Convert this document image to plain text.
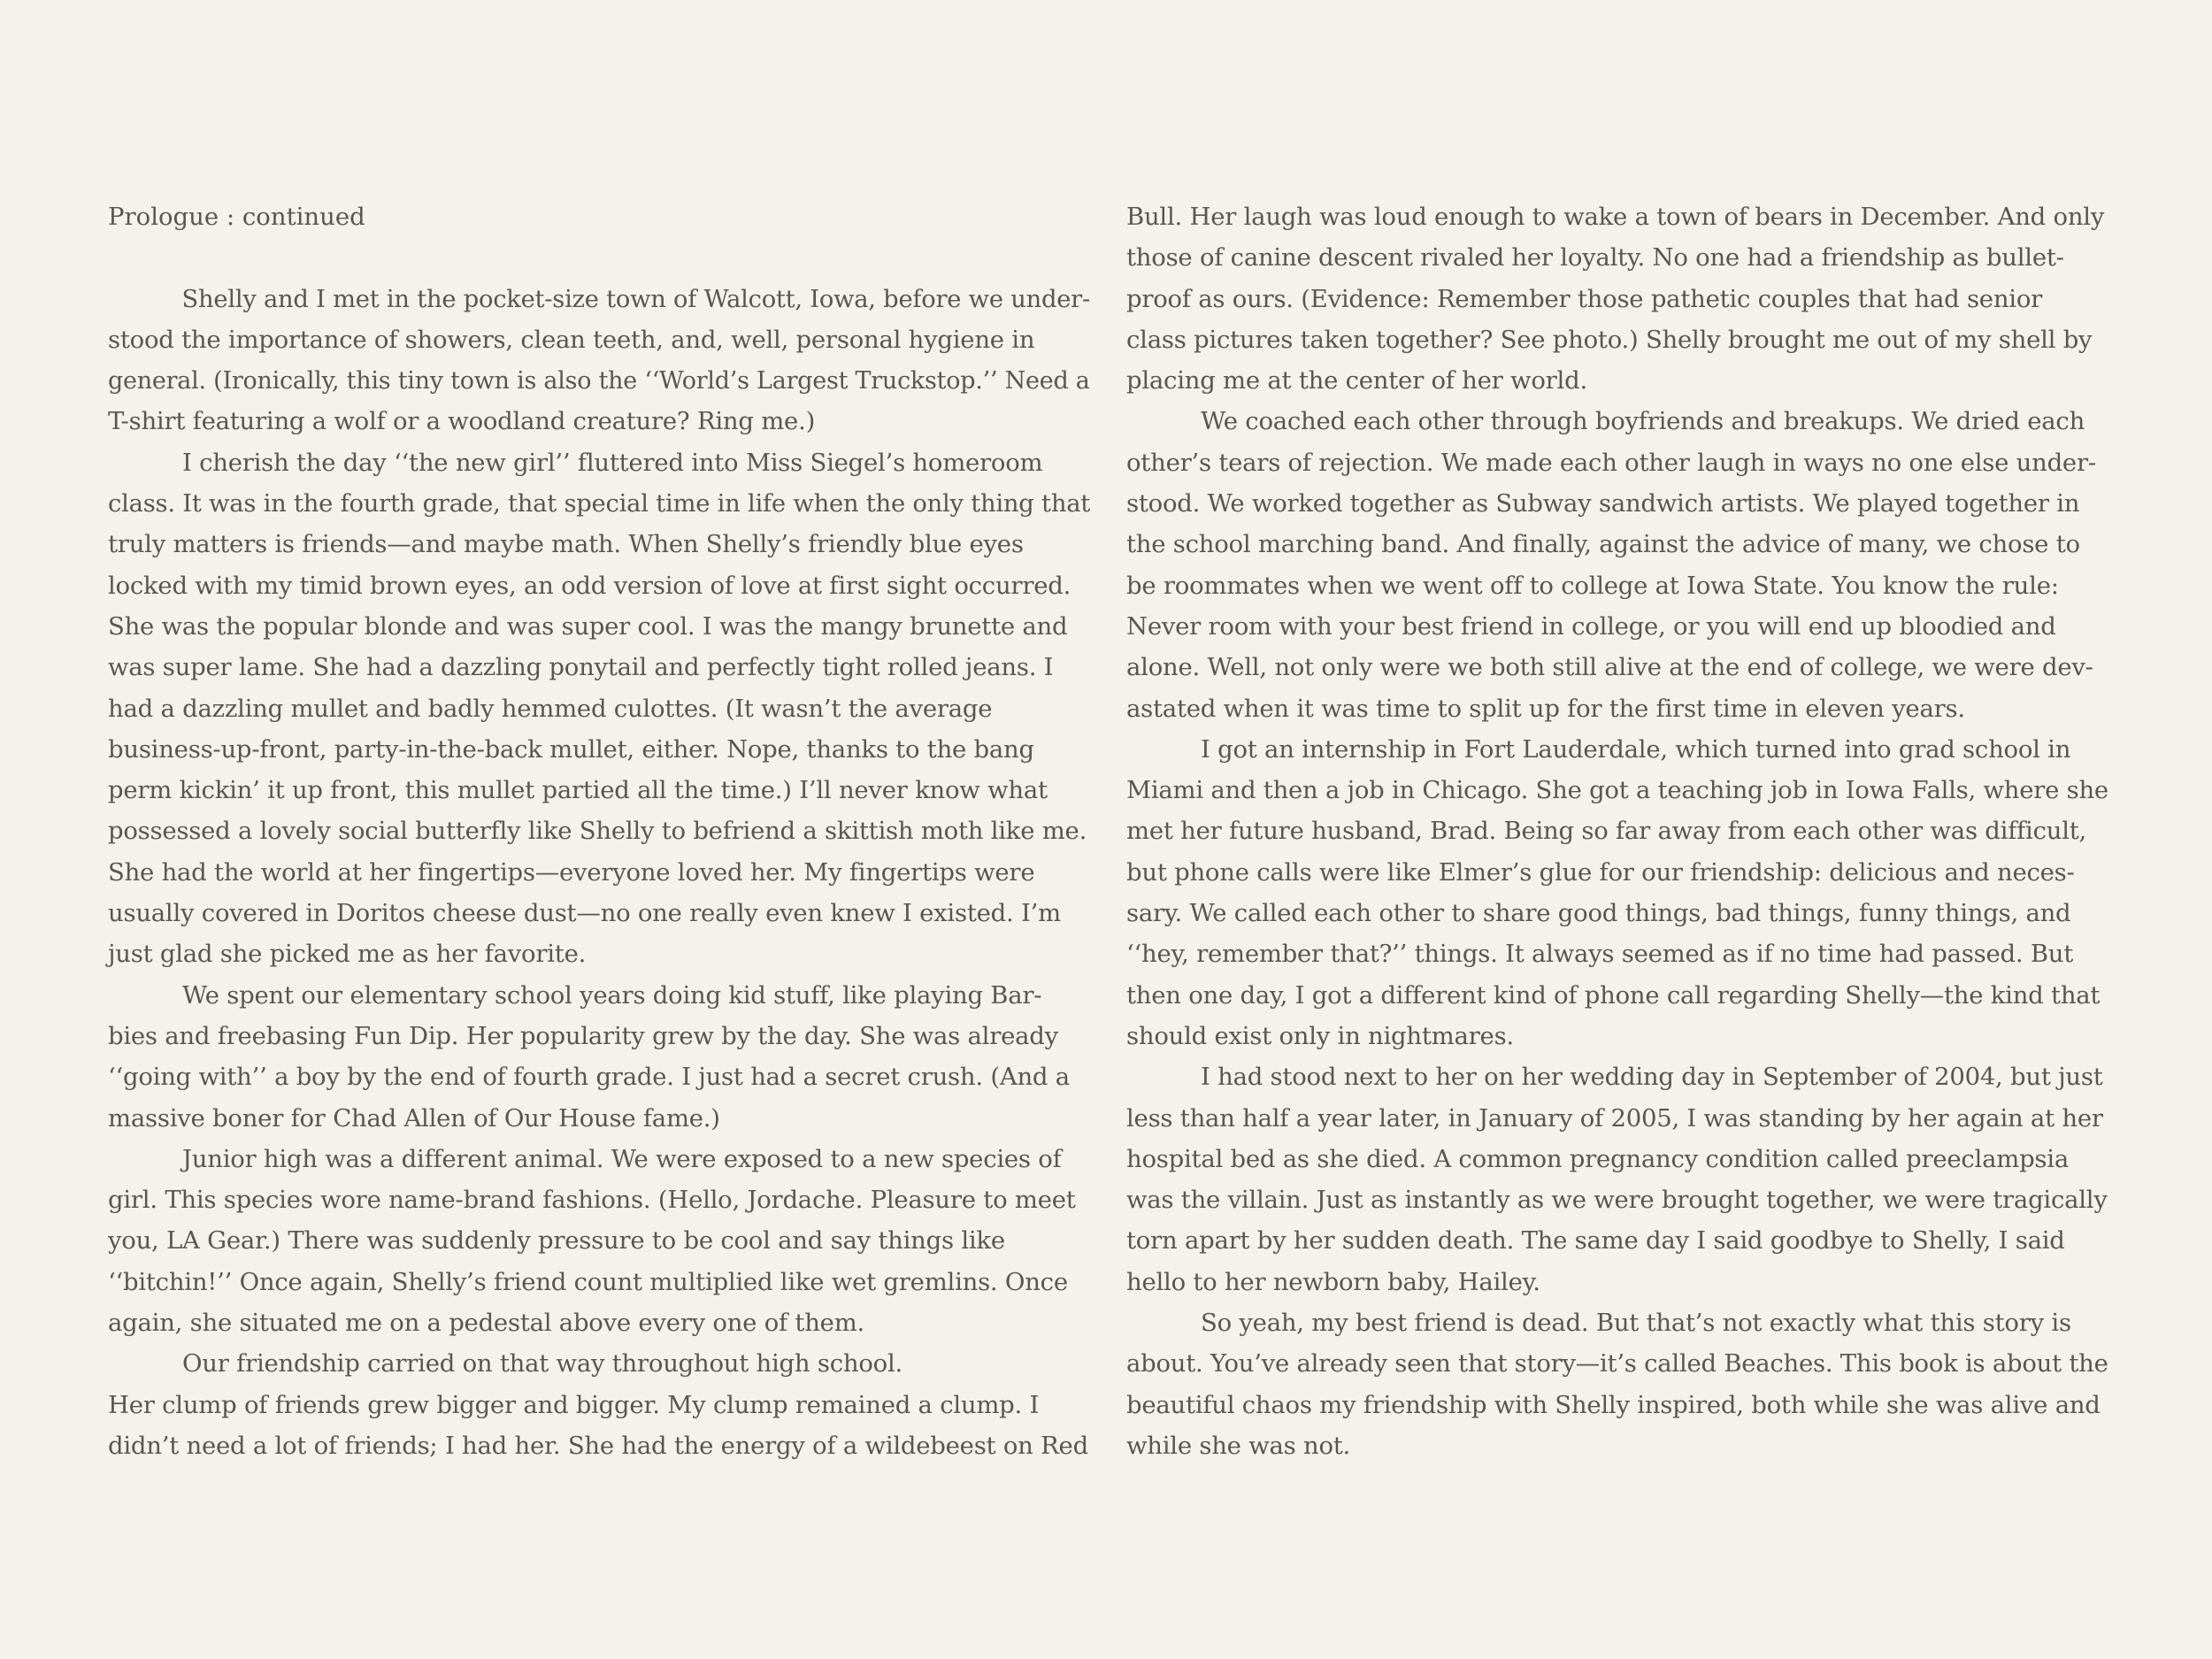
Prologue : continued
Shelly and I met in the pocket-size town of Walcott, Iowa, before we under-
stood the importance of showers, clean teeth, and, well, personal hygiene in
general. (Ironically, this tiny town is also the ‘‘World’s Largest Truckstop.’’ Need a
T-shirt featuring a wolf or a woodland creature? Ring me.)
I cherish the day ‘‘the new girl’’ fluttered into Miss Siegel’s homeroom
class. It was in the fourth grade, that special time in life when the only thing that
truly matters is friends—and maybe math. When Shelly’s friendly blue eyes
locked with my timid brown eyes, an odd version of love at first sight occurred.
She was the popular blonde and was super cool. I was the mangy brunette and
was super lame. She had a dazzling ponytail and perfectly tight rolled jeans. I
had a dazzling mullet and badly hemmed culottes. (It wasn’t the average
business-up-front, party-in-the-back mullet, either. Nope, thanks to the bang
perm kickin’ it up front, this mullet partied all the time.) I’ll never know what
possessed a lovely social butterfly like Shelly to befriend a skittish moth like me.
She had the world at her fingertips—everyone loved her. My fingertips were
usually covered in Doritos cheese dust—no one really even knew I existed. I’m
just glad she picked me as her favorite.
We spent our elementary school years doing kid stuff, like playing Bar-
bies and freebasing Fun Dip. Her popularity grew by the day. She was already
‘‘going with’’ a boy by the end of fourth grade. I just had a secret crush. (And a
massive boner for Chad Allen of Our House fame.)
Junior high was a different animal. We were exposed to a new species of
girl. This species wore name-brand fashions. (Hello, Jordache. Pleasure to meet
you, LA Gear.) There was suddenly pressure to be cool and say things like
‘‘bitchin!’’ Once again, Shelly’s friend count multiplied like wet gremlins. Once
again, she situated me on a pedestal above every one of them.
Our friendship carried on that way throughout high school.
Her clump of friends grew bigger and bigger. My clump remained a clump. I
didn’t need a lot of friends; I had her. She had the energy of a wildebeest on Red
Bull. Her laugh was loud enough to wake a town of bears in December. And only
those of canine descent rivaled her loyalty. No one had a friendship as bullet-
proof as ours. (Evidence: Remember those pathetic couples that had senior
class pictures taken together? See photo.) Shelly brought me out of my shell by
placing me at the center of her world.
We coached each other through boyfriends and breakups. We dried each
other’s tears of rejection. We made each other laugh in ways no one else under-
stood. We worked together as Subway sandwich artists. We played together in
the school marching band. And finally, against the advice of many, we chose to
be roommates when we went off to college at Iowa State. You know the rule:
Never room with your best friend in college, or you will end up bloodied and
alone. Well, not only were we both still alive at the end of college, we were dev-
astated when it was time to split up for the first time in eleven years.
I got an internship in Fort Lauderdale, which turned into grad school in
Miami and then a job in Chicago. She got a teaching job in Iowa Falls, where she
met her future husband, Brad. Being so far away from each other was difficult,
but phone calls were like Elmer’s glue for our friendship: delicious and neces-
sary. We called each other to share good things, bad things, funny things, and
‘‘hey, remember that?’’ things. It always seemed as if no time had passed. But
then one day, I got a different kind of phone call regarding Shelly—the kind that
should exist only in nightmares.
I had stood next to her on her wedding day in September of 2004, but just
less than half a year later, in January of 2005, I was standing by her again at her
hospital bed as she died. A common pregnancy condition called preeclampsia
was the villain. Just as instantly as we were brought together, we were tragically
torn apart by her sudden death. The same day I said goodbye to Shelly, I said
hello to her newborn baby, Hailey.
So yeah, my best friend is dead. But that’s not exactly what this story is
about. You’ve already seen that story—it’s called Beaches. This book is about the
beautiful chaos my friendship with Shelly inspired, both while she was alive and
while she was not.
